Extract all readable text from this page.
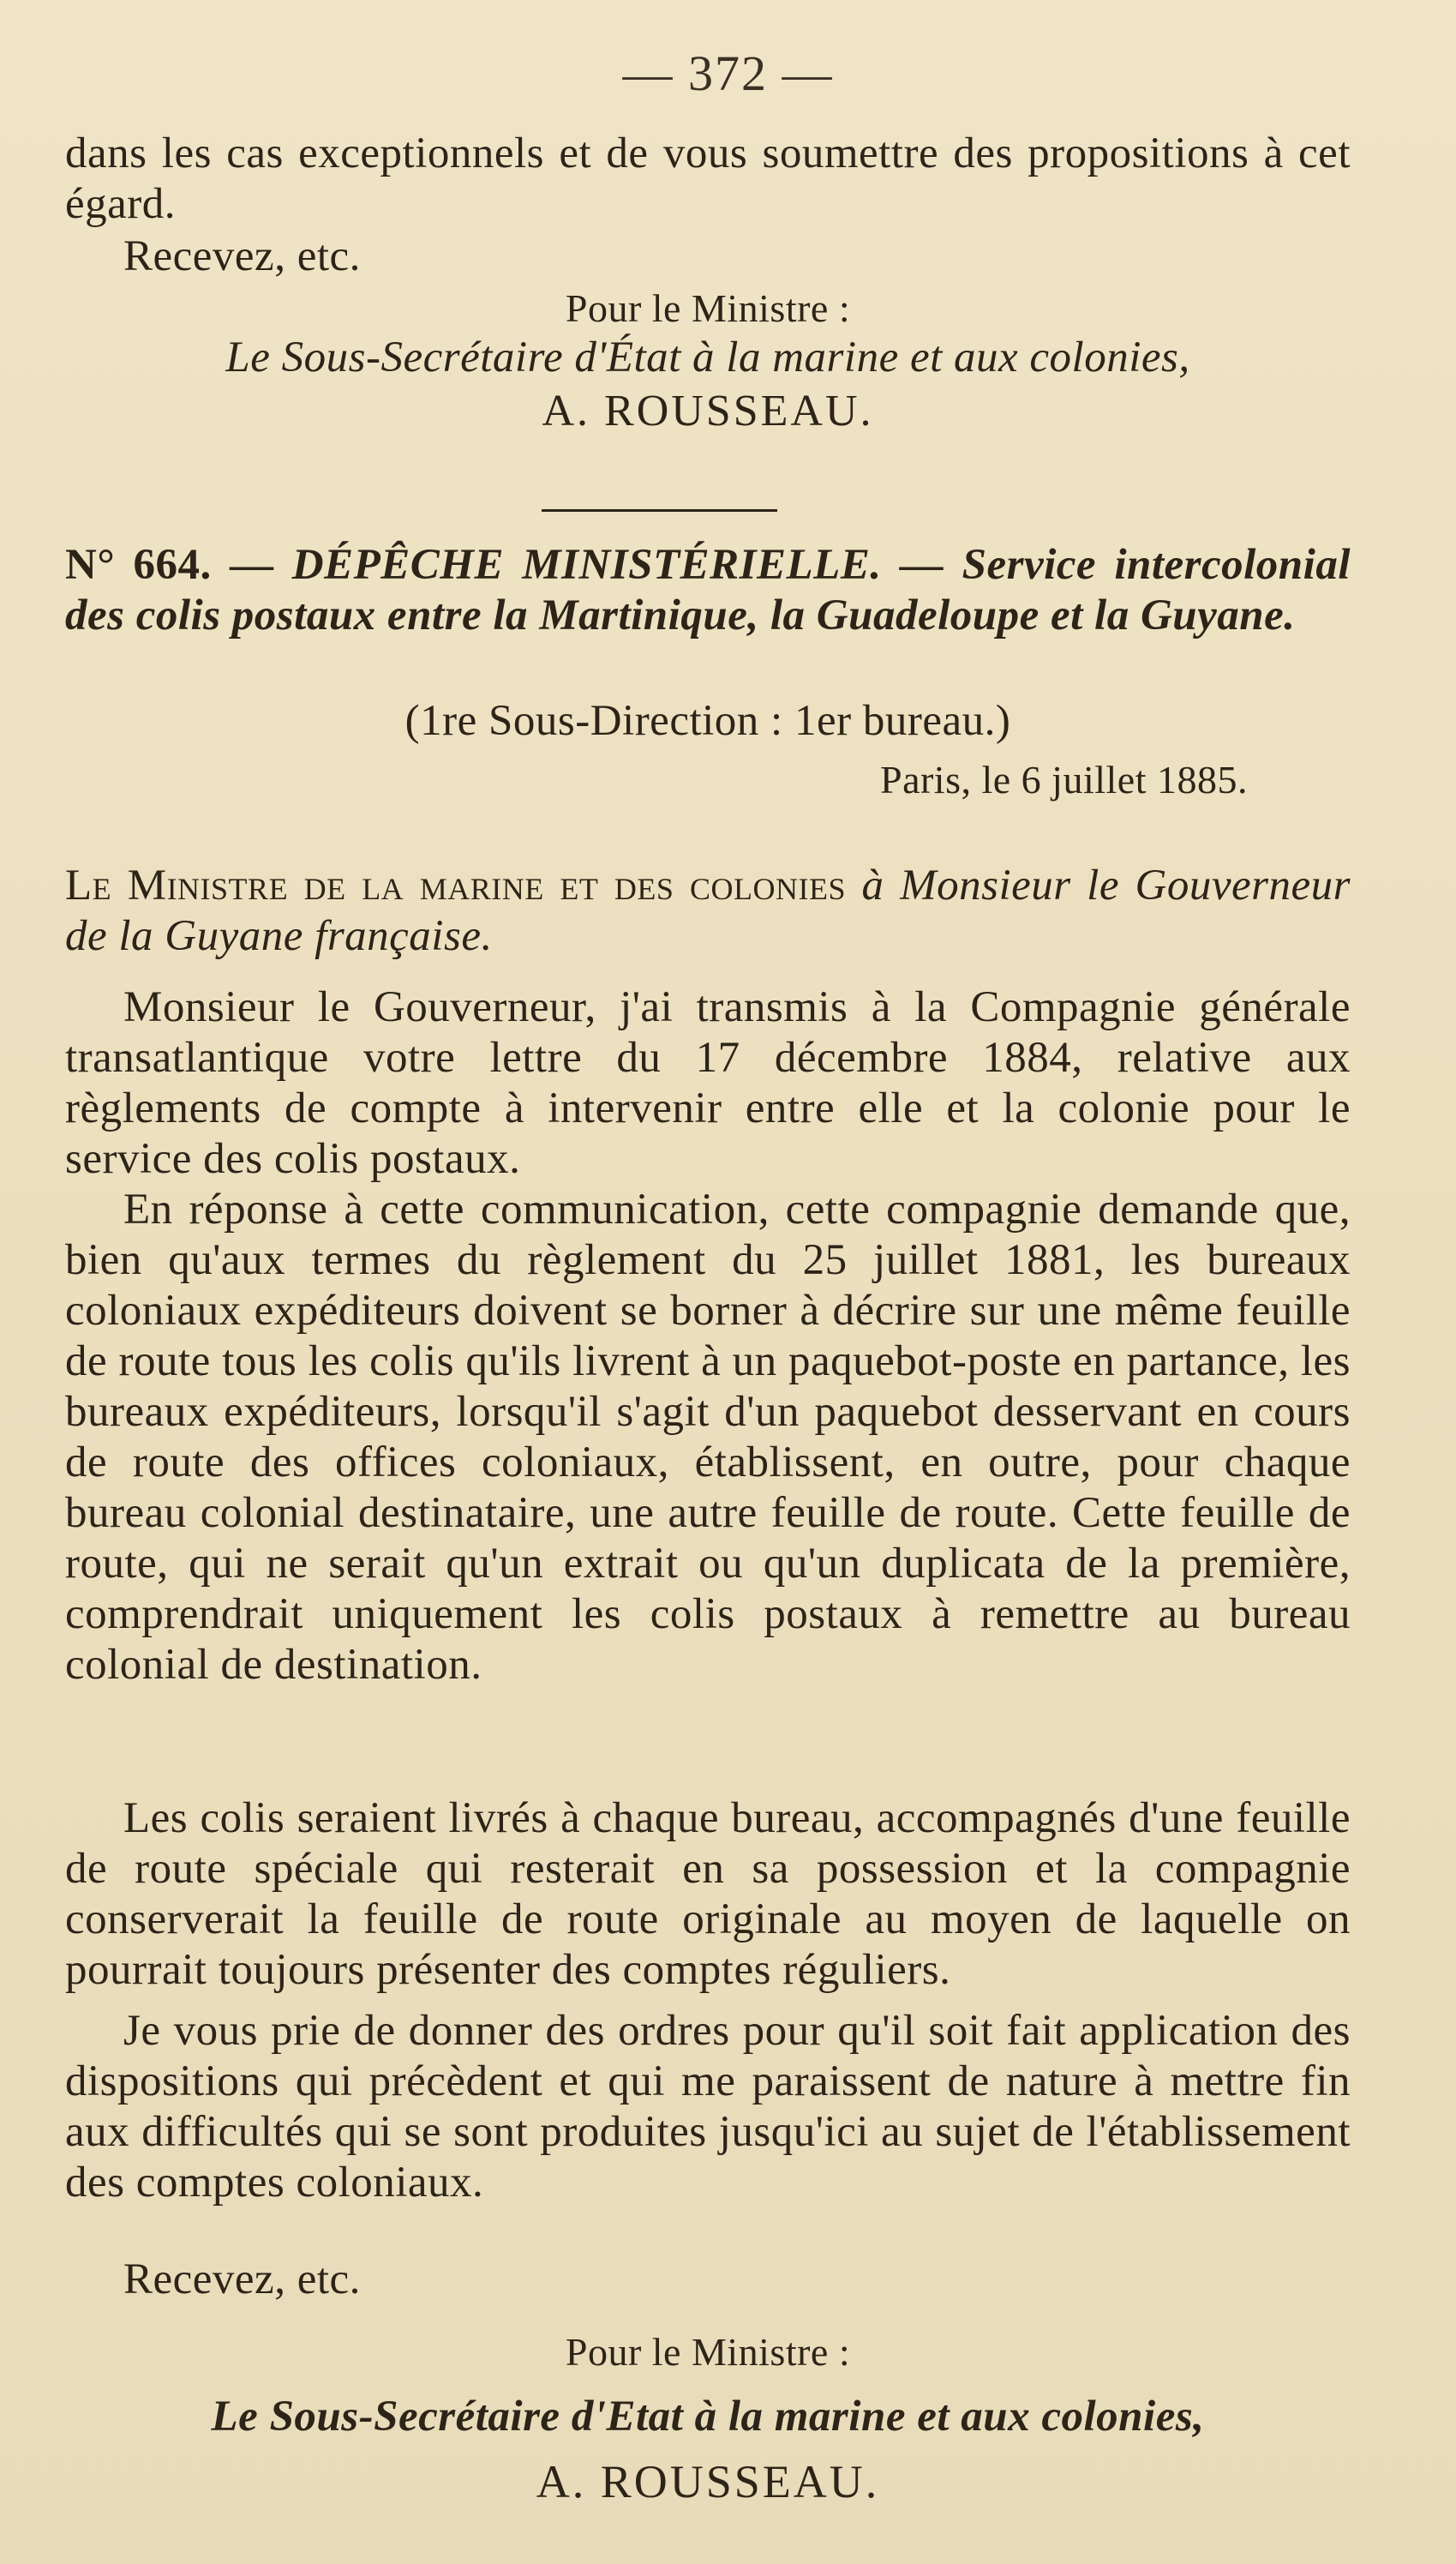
— 372 —
dans les cas exceptionnels et de vous soumettre des propositions à cet égard.
Recevez, etc.
Pour le Ministre :
Le Sous-Secrétaire d'État à la marine et aux colonies,
A. ROUSSEAU.
N° 664. — DÉPÊCHE MINISTÉRIELLE. — Service intercolonial des colis postaux entre la Martinique, la Guadeloupe et la Guyane.
(1re Sous-Direction : 1er bureau.)
Paris, le 6 juillet 1885.
Le Ministre de la marine et des colonies à Monsieur le Gouverneur de la Guyane française.
Monsieur le Gouverneur, j'ai transmis à la Compagnie générale transatlantique votre lettre du 17 décembre 1884, relative aux règlements de compte à intervenir entre elle et la colonie pour le service des colis postaux.
En réponse à cette communication, cette compagnie demande que, bien qu'aux termes du règlement du 25 juillet 1881, les bureaux coloniaux expéditeurs doivent se borner à décrire sur une même feuille de route tous les colis qu'ils livrent à un paquebot-poste en partance, les bureaux expéditeurs, lorsqu'il s'agit d'un paquebot desservant en cours de route des offices coloniaux, établissent, en outre, pour chaque bureau colonial destinataire, une autre feuille de route. Cette feuille de route, qui ne serait qu'un extrait ou qu'un duplicata de la première, comprendrait uniquement les colis postaux à remettre au bureau colonial de destination.
Les colis seraient livrés à chaque bureau, accompagnés d'une feuille de route spéciale qui resterait en sa possession et la compagnie conserverait la feuille de route originale au moyen de laquelle on pourrait toujours présenter des comptes réguliers.
Je vous prie de donner des ordres pour qu'il soit fait application des dispositions qui précèdent et qui me paraissent de nature à mettre fin aux difficultés qui se sont produites jusqu'ici au sujet de l'établissement des comptes coloniaux.
Recevez, etc.
Pour le Ministre :
Le Sous-Secrétaire d'Etat à la marine et aux colonies,
A. ROUSSEAU.
